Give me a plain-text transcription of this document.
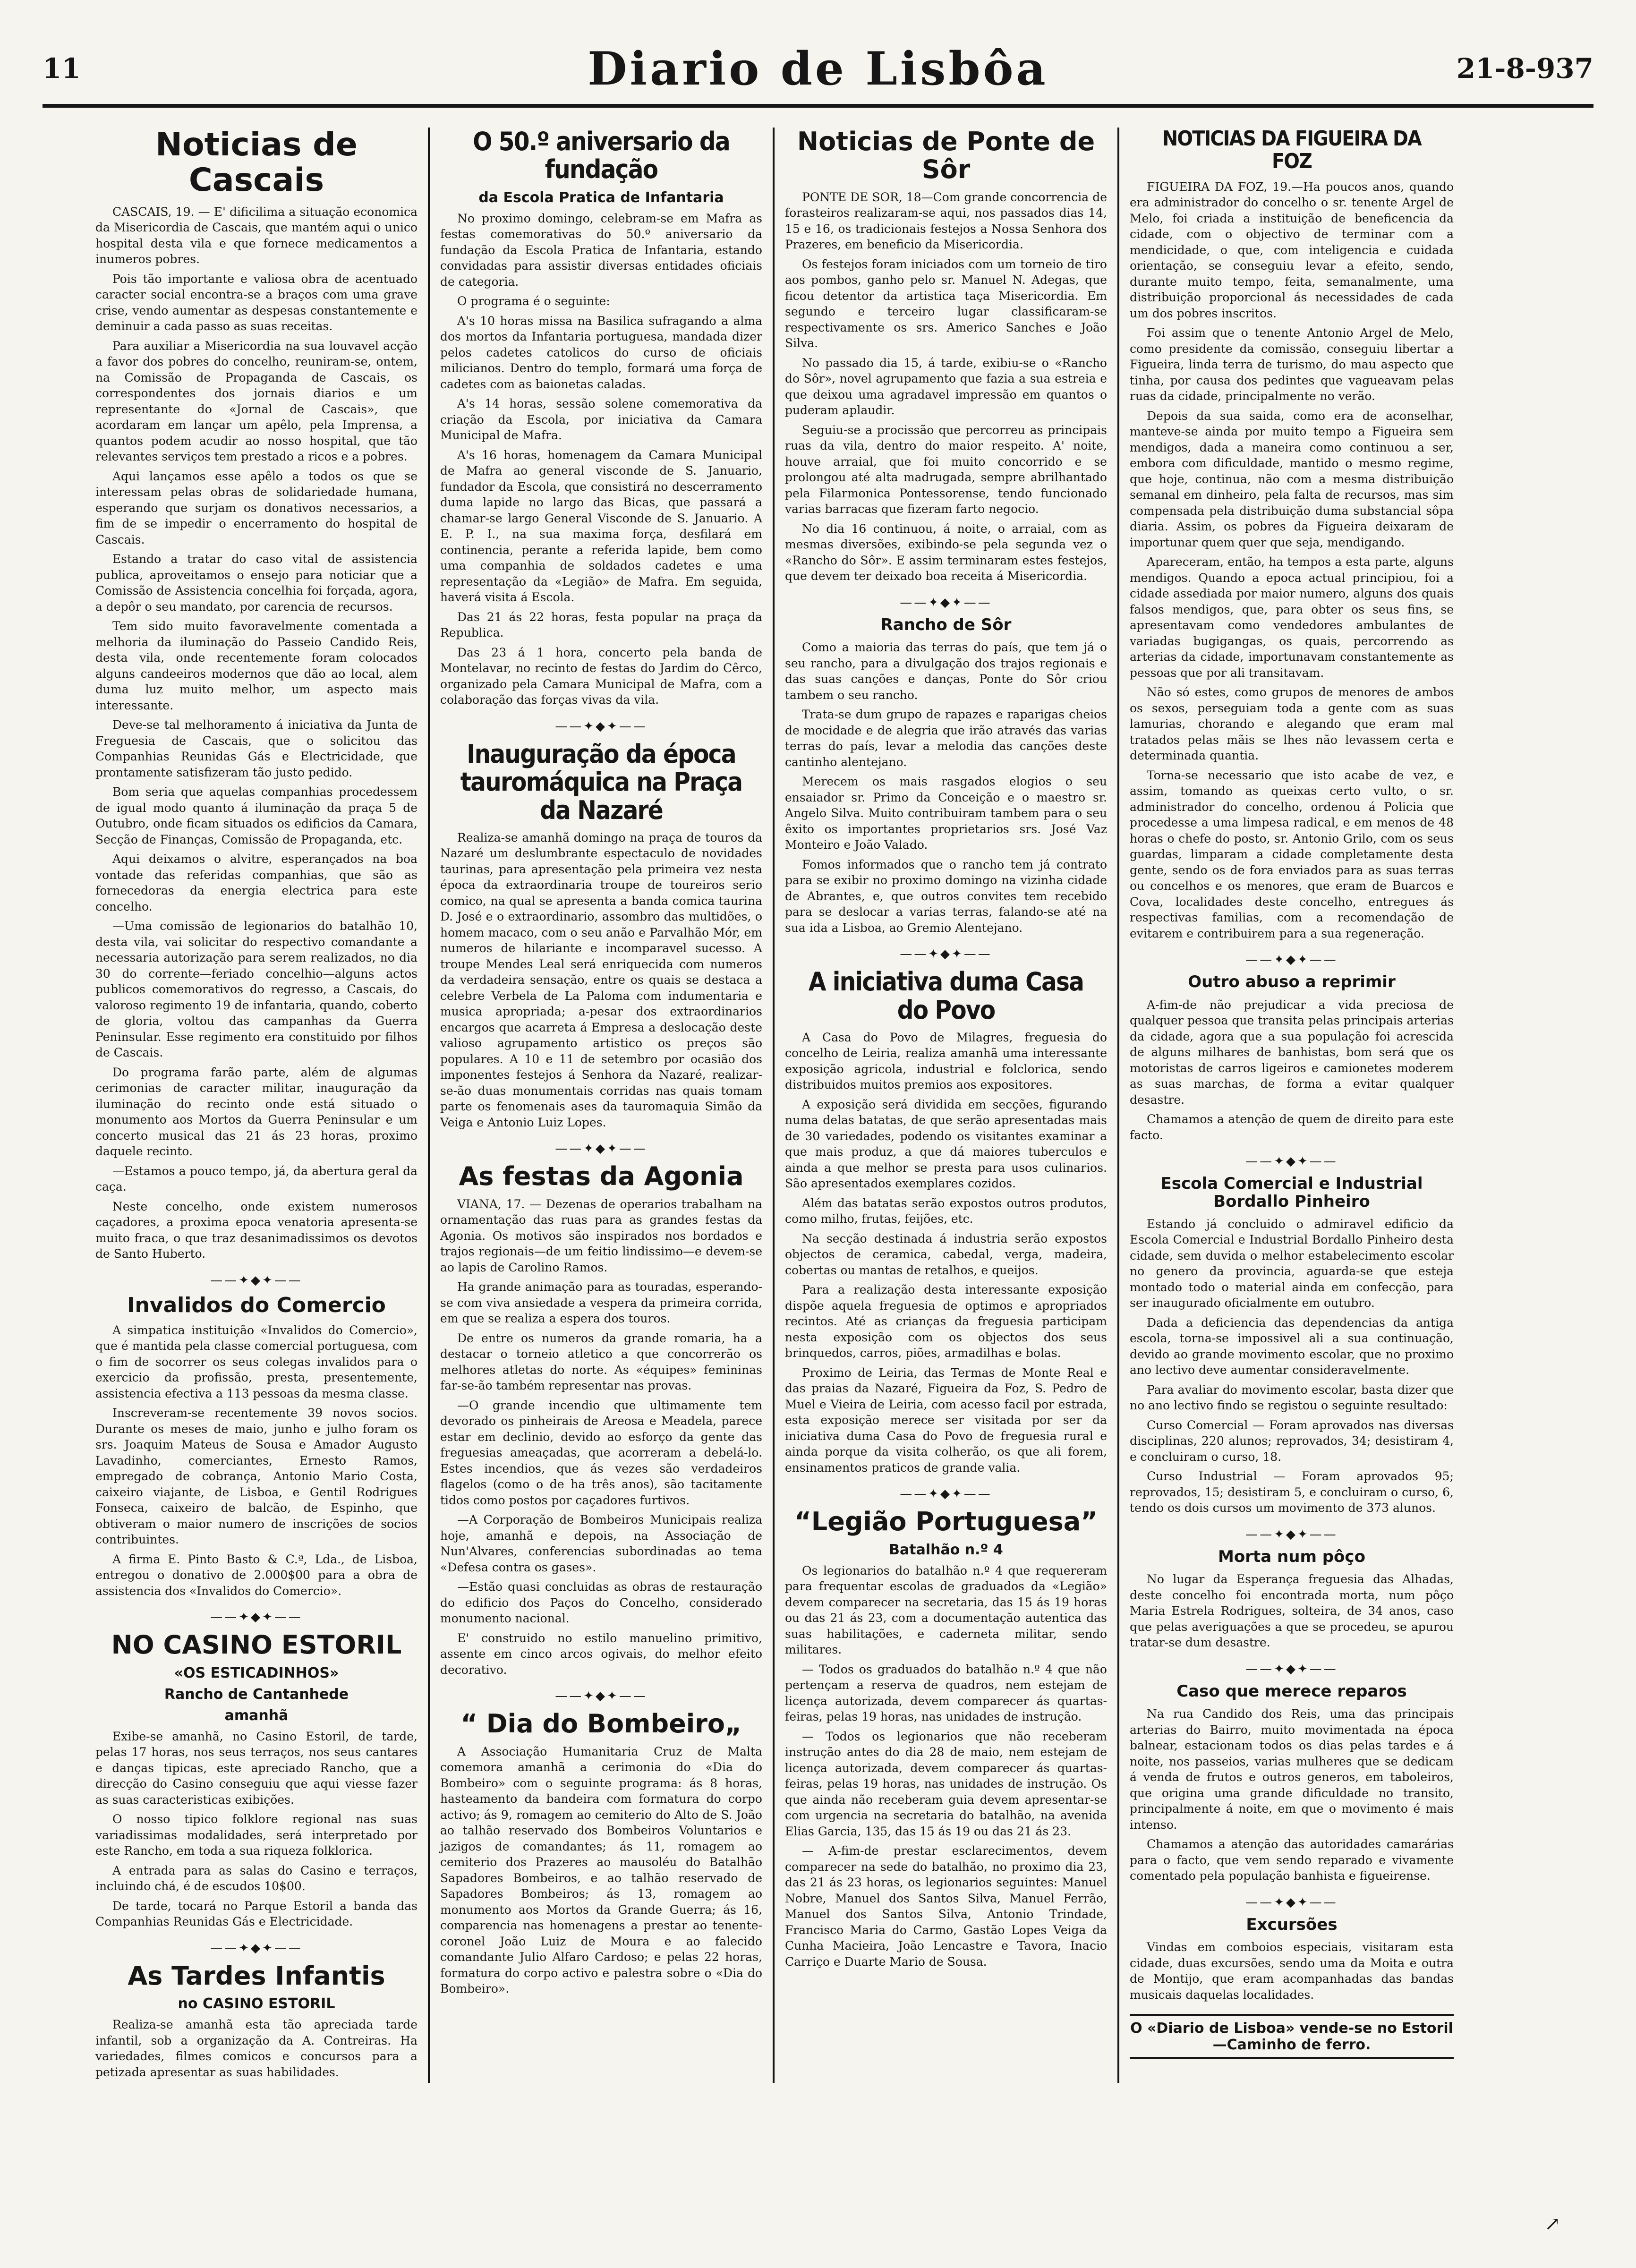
11	Diario de Lisbôa	21-8-937
Noticias de Cascais

CASCAIS, 19. — E' dificilima a situação economica da Misericordia de Cascais, que mantém aqui o unico hospital desta vila e que fornece medicamentos a inumeros pobres.

Pois tão importante e valiosa obra de acentuado caracter social encontra-se a braços com uma grave crise, vendo aumentar as despesas constantemente e deminuir a cada passo as suas receitas.

Para auxiliar a Misericordia na sua louvavel acção a favor dos pobres do concelho, reuniram-se, ontem, na Comissão de Propaganda de Cascais, os correspondentes dos jornais diarios e um representante do «Jornal de Cascais», que acordaram em lançar um apêlo, pela Imprensa, a quantos podem acudir ao nosso hospital, que tão relevantes serviços tem prestado a ricos e a pobres.

Aqui lançamos esse apêlo a todos os que se interessam pelas obras de solidariedade humana, esperando que surjam os donativos necessarios, a fim de se impedir o encerramento do hospital de Cascais.

Estando a tratar do caso vital de assistencia publica, aproveitamos o ensejo para noticiar que a Comissão de Assistencia concelhia foi forçada, agora, a depôr o seu mandato, por carencia de recursos.

Tem sido muito favoravelmente comentada a melhoria da iluminação do Passeio Candido Reis, desta vila, onde recentemente foram colocados alguns candeeiros modernos que dão ao local, alem duma luz muito melhor, um aspecto mais interessante.

Deve-se tal melhoramento á iniciativa da Junta de Freguesia de Cascais, que o solicitou das Companhias Reunidas Gás e Electricidade, que prontamente satisfizeram tão justo pedido.

Bom seria que aquelas companhias procedessem de igual modo quanto á iluminação da praça 5 de Outubro, onde ficam situados os edificios da Camara, Secção de Finanças, Comissão de Propaganda, etc.

Aqui deixamos o alvitre, esperançados na boa vontade das referidas companhias, que são as fornecedoras da energia electrica para este concelho.

—Uma comissão de legionarios do batalhão 10, desta vila, vai solicitar do respectivo comandante a necessaria autorização para serem realizados, no dia 30 do corrente—feriado concelhio—alguns actos publicos comemorativos do regresso, a Cascais, do valoroso regimento 19 de infantaria, quando, coberto de gloria, voltou das campanhas da Guerra Peninsular. Esse regimento era constituido por filhos de Cascais.

Do programa farão parte, além de algumas cerimonias de caracter militar, inauguração da iluminação do recinto onde está situado o monumento aos Mortos da Guerra Peninsular e um concerto musical das 21 ás 23 horas, proximo daquele recinto.

—Estamos a pouco tempo, já, da abertura geral da caça.

Neste concelho, onde existem numerosos caçadores, a proxima epoca venatoria apresenta-se muito fraca, o que traz desanimadissimos os devotos de Santo Huberto.

——✦◆✦——
Invalidos do Comercio

A simpatica instituição «Invalidos do Comercio», que é mantida pela classe comercial portuguesa, com o fim de socorrer os seus colegas invalidos para o exercicio da profissão, presta, presentemente, assistencia efectiva a 113 pessoas da mesma classe.

Inscreveram-se recentemente 39 novos socios. Durante os meses de maio, junho e julho foram os srs. Joaquim Mateus de Sousa e Amador Augusto Lavadinho, comerciantes, Ernesto Ramos, empregado de cobrança, Antonio Mario Costa, caixeiro viajante, de Lisboa, e Gentil Rodrigues Fonseca, caixeiro de balcão, de Espinho, que obtiveram o maior numero de inscrições de socios contribuintes.

A firma E. Pinto Basto & C.ª, Lda., de Lisboa, entregou o donativo de 2.000$00 para a obra de assistencia dos «Invalidos do Comercio».

——✦◆✦——
NO CASINO ESTORIL
«OS ESTICADINHOS»
Rancho de Cantanhede
amanhã

Exibe-se amanhã, no Casino Estoril, de tarde, pelas 17 horas, nos seus terraços, nos seus cantares e danças tipicas, este apreciado Rancho, que a direcção do Casino conseguiu que aqui viesse fazer as suas caracteristicas exibições.

O nosso tipico folklore regional nas suas variadissimas modalidades, será interpretado por este Rancho, em toda a sua riqueza folklorica.

A entrada para as salas do Casino e terraços, incluindo chá, é de escudos 10$00.

De tarde, tocará no Parque Estoril a banda das Companhias Reunidas Gás e Electricidade.

——✦◆✦——
As Tardes Infantis
no CASINO ESTORIL

Realiza-se amanhã esta tão apreciada tarde infantil, sob a organização da A. Contreiras. Ha variedades, filmes comicos e concursos para a petizada apresentar as suas habilidades.

O 50.º aniversario da fundação
da Escola Pratica de Infantaria

No proximo domingo, celebram-se em Mafra as festas comemorativas do 50.º aniversario da fundação da Escola Pratica de Infantaria, estando convidadas para assistir diversas entidades oficiais de categoria.

O programa é o seguinte:

A's 10 horas missa na Basilica sufragando a alma dos mortos da Infantaria portuguesa, mandada dizer pelos cadetes catolicos do curso de oficiais milicianos. Dentro do templo, formará uma força de cadetes com as baionetas caladas.

A's 14 horas, sessão solene comemorativa da criação da Escola, por iniciativa da Camara Municipal de Mafra.

A's 16 horas, homenagem da Camara Municipal de Mafra ao general visconde de S. Januario, fundador da Escola, que consistirá no descerramento duma lapide no largo das Bicas, que passará a chamar-se largo General Visconde de S. Januario. A E. P. I., na sua maxima força, desfilará em continencia, perante a referida lapide, bem como uma companhia de soldados cadetes e uma representação da «Legião» de Mafra. Em seguida, haverá visita á Escola.

Das 21 ás 22 horas, festa popular na praça da Republica.

Das 23 á 1 hora, concerto pela banda de Montelavar, no recinto de festas do Jardim do Cêrco, organizado pela Camara Municipal de Mafra, com a colaboração das forças vivas da vila.

——✦◆✦——
Inauguração da época tauromáquica na Praça da Nazaré

Realiza-se amanhã domingo na praça de touros da Nazaré um deslumbrante espectaculo de novidades taurinas, para apresentação pela primeira vez nesta época da extraordinaria troupe de toureiros serio comico, na qual se apresenta a banda comica taurina D. José e o extraordinario, assombro das multidões, o homem macaco, com o seu anão e Parvalhão Mór, em numeros de hilariante e incomparavel sucesso. A troupe Mendes Leal será enriquecida com numeros da verdadeira sensação, entre os quais se destaca a celebre Verbela de La Paloma com indumentaria e musica apropriada; a-pesar dos extraordinarios encargos que acarreta á Empresa a deslocação deste valioso agrupamento artistico os preços são populares. A 10 e 11 de setembro por ocasião dos imponentes festejos á Senhora da Nazaré, realizar-se-ão duas monumentais corridas nas quais tomam parte os fenomenais ases da tauromaquia Simão da Veiga e Antonio Luiz Lopes.

——✦◆✦——
As festas da Agonia

VIANA, 17. — Dezenas de operarios trabalham na ornamentação das ruas para as grandes festas da Agonia. Os motivos são inspirados nos bordados e trajos regionais—de um feitio lindissimo—e devem-se ao lapis de Carolino Ramos.

Ha grande animação para as touradas, esperando-se com viva ansiedade a vespera da primeira corrida, em que se realiza a espera dos touros.

De entre os numeros da grande romaria, ha a destacar o torneio atletico a que concorrerão os melhores atletas do norte. As «équipes» femininas far-se-ão também representar nas provas.

—O grande incendio que ultimamente tem devorado os pinheirais de Areosa e Meadela, parece estar em declinio, devido ao esforço da gente das freguesias ameaçadas, que acorreram a debelá-lo. Estes incendios, que ás vezes são verdadeiros flagelos (como o de ha três anos), são tacitamente tidos como postos por caçadores furtivos.

—A Corporação de Bombeiros Municipais realiza hoje, amanhã e depois, na Associação de Nun'Alvares, conferencias subordinadas ao tema «Defesa contra os gases».

—Estão quasi concluidas as obras de restauração do edificio dos Paços do Concelho, considerado monumento nacional.

E' construido no estilo manuelino primitivo, assente em cinco arcos ogivais, do melhor efeito decorativo.

——✦◆✦——
“ Dia do Bombeiro„

A Associação Humanitaria Cruz de Malta comemora amanhã a cerimonia do «Dia do Bombeiro» com o seguinte programa: ás 8 horas, hasteamento da bandeira com formatura do corpo activo; ás 9, romagem ao cemiterio do Alto de S. João ao talhão reservado dos Bombeiros Voluntarios e jazigos de comandantes; ás 11, romagem ao cemiterio dos Prazeres ao mausoléu do Batalhão Sapadores Bombeiros, e ao talhão reservado de Sapadores Bombeiros; ás 13, romagem ao monumento aos Mortos da Grande Guerra; ás 16, comparencia nas homenagens a prestar ao tenente-coronel João Luiz de Moura e ao falecido comandante Julio Alfaro Cardoso; e pelas 22 horas, formatura do corpo activo e palestra sobre o «Dia do Bombeiro».

Noticias de Ponte de Sôr

PONTE DE SOR, 18—Com grande concorrencia de forasteiros realizaram-se aqui, nos passados dias 14, 15 e 16, os tradicionais festejos a Nossa Senhora dos Prazeres, em beneficio da Misericordia.

Os festejos foram iniciados com um torneio de tiro aos pombos, ganho pelo sr. Manuel N. Adegas, que ficou detentor da artistica taça Misericordia. Em segundo e terceiro lugar classificaram-se respectivamente os srs. Americo Sanches e João Silva.

No passado dia 15, á tarde, exibiu-se o «Rancho do Sôr», novel agrupamento que fazia a sua estreia e que deixou uma agradavel impressão em quantos o puderam aplaudir.

Seguiu-se a procissão que percorreu as principais ruas da vila, dentro do maior respeito. A' noite, houve arraial, que foi muito concorrido e se prolongou até alta madrugada, sempre abrilhantado pela Filarmonica Pontessorense, tendo funcionado varias barracas que fizeram farto negocio.

No dia 16 continuou, á noite, o arraial, com as mesmas diversões, exibindo-se pela segunda vez o «Rancho do Sôr». E assim terminaram estes festejos, que devem ter deixado boa receita á Misericordia.

——✦◆✦——
Rancho de Sôr

Como a maioria das terras do país, que tem já o seu rancho, para a divulgação dos trajos regionais e das suas canções e danças, Ponte do Sôr criou tambem o seu rancho.

Trata-se dum grupo de rapazes e raparigas cheios de mocidade e de alegria que irão através das varias terras do país, levar a melodia das canções deste cantinho alentejano.

Merecem os mais rasgados elogios o seu ensaiador sr. Primo da Conceição e o maestro sr. Angelo Silva. Muito contribuiram tambem para o seu êxito os importantes proprietarios srs. José Vaz Monteiro e João Valado.

Fomos informados que o rancho tem já contrato para se exibir no proximo domingo na vizinha cidade de Abrantes, e, que outros convites tem recebido para se deslocar a varias terras, falando-se até na sua ida a Lisboa, ao Gremio Alentejano.

——✦◆✦——
A iniciativa duma Casa do Povo

A Casa do Povo de Milagres, freguesia do concelho de Leiria, realiza amanhã uma interessante exposição agricola, industrial e folclorica, sendo distribuidos muitos premios aos expositores.

A exposição será dividida em secções, figurando numa delas batatas, de que serão apresentadas mais de 30 variedades, podendo os visitantes examinar a que mais produz, a que dá maiores tuberculos e ainda a que melhor se presta para usos culinarios. São apresentados exemplares cozidos.

Além das batatas serão expostos outros produtos, como milho, frutas, feijões, etc.

Na secção destinada á industria serão expostos objectos de ceramica, cabedal, verga, madeira, cobertas ou mantas de retalhos, e queijos.

Para a realização desta interessante exposição dispõe aquela freguesia de optimos e apropriados recintos. Até as crianças da freguesia participam nesta exposição com os objectos dos seus brinquedos, carros, piões, armadilhas e bolas.

Proximo de Leiria, das Termas de Monte Real e das praias da Nazaré, Figueira da Foz, S. Pedro de Muel e Vieira de Leiria, com acesso facil por estrada, esta exposição merece ser visitada por ser da iniciativa duma Casa do Povo de freguesia rural e ainda porque da visita colherão, os que ali forem, ensinamentos praticos de grande valia.

——✦◆✦——
“Legião Portuguesa”
Batalhão n.º 4

Os legionarios do batalhão n.º 4 que requereram para frequentar escolas de graduados da «Legião» devem comparecer na secretaria, das 15 ás 19 horas ou das 21 ás 23, com a documentação autentica das suas habilitações, e caderneta militar, sendo militares.

— Todos os graduados do batalhão n.º 4 que não pertençam a reserva de quadros, nem estejam de licença autorizada, devem comparecer ás quartas-feiras, pelas 19 horas, nas unidades de instrução.

— Todos os legionarios que não receberam instrução antes do dia 28 de maio, nem estejam de licença autorizada, devem comparecer ás quartas-feiras, pelas 19 horas, nas unidades de instrução. Os que ainda não receberam guia devem apresentar-se com urgencia na secretaria do batalhão, na avenida Elias Garcia, 135, das 15 ás 19 ou das 21 ás 23.

— A-fim-de prestar esclarecimentos, devem comparecer na sede do batalhão, no proximo dia 23, das 21 ás 23 horas, os legionarios seguintes: Manuel Nobre, Manuel dos Santos Silva, Manuel Ferrão, Manuel dos Santos Silva, Antonio Trindade, Francisco Maria do Carmo, Gastão Lopes Veiga da Cunha Macieira, João Lencastre e Tavora, Inacio Carriço e Duarte Mario de Sousa.

NOTICIAS DA FIGUEIRA DA FOZ

FIGUEIRA DA FOZ, 19.—Ha poucos anos, quando era administrador do concelho o sr. tenente Argel de Melo, foi criada a instituição de beneficencia da cidade, com o objectivo de terminar com a mendicidade, o que, com inteligencia e cuidada orientação, se conseguiu levar a efeito, sendo, durante muito tempo, feita, semanalmente, uma distribuição proporcional ás necessidades de cada um dos pobres inscritos.

Foi assim que o tenente Antonio Argel de Melo, como presidente da comissão, conseguiu libertar a Figueira, linda terra de turismo, do mau aspecto que tinha, por causa dos pedintes que vagueavam pelas ruas da cidade, principalmente no verão.

Depois da sua saida, como era de aconselhar, manteve-se ainda por muito tempo a Figueira sem mendigos, dada a maneira como continuou a ser, embora com dificuldade, mantido o mesmo regime, que hoje, continua, não com a mesma distribuição semanal em dinheiro, pela falta de recursos, mas sim compensada pela distribuição duma substancial sôpa diaria. Assim, os pobres da Figueira deixaram de importunar quem quer que seja, mendigando.

Apareceram, então, ha tempos a esta parte, alguns mendigos. Quando a epoca actual principiou, foi a cidade assediada por maior numero, alguns dos quais falsos mendigos, que, para obter os seus fins, se apresentavam como vendedores ambulantes de variadas bugigangas, os quais, percorrendo as arterias da cidade, importunavam constantemente as pessoas que por ali transitavam.

Não só estes, como grupos de menores de ambos os sexos, perseguiam toda a gente com as suas lamurias, chorando e alegando que eram mal tratados pelas mãis se lhes não levassem certa e determinada quantia.

Torna-se necessario que isto acabe de vez, e assim, tomando as queixas certo vulto, o sr. administrador do concelho, ordenou á Policia que procedesse a uma limpesa radical, e em menos de 48 horas o chefe do posto, sr. Antonio Grilo, com os seus guardas, limparam a cidade completamente desta gente, sendo os de fora enviados para as suas terras ou concelhos e os menores, que eram de Buarcos e Cova, localidades deste concelho, entregues ás respectivas familias, com a recomendação de evitarem e contribuirem para a sua regeneração.

——✦◆✦——
Outro abuso a reprimir

A-fim-de não prejudicar a vida preciosa de qualquer pessoa que transita pelas principais arterias da cidade, agora que a sua população foi acrescida de alguns milhares de banhistas, bom será que os motoristas de carros ligeiros e camionetes moderem as suas marchas, de forma a evitar qualquer desastre.

Chamamos a atenção de quem de direito para este facto.

——✦◆✦——
Escola Comercial e Industrial Bordallo Pinheiro

Estando já concluido o admiravel edificio da Escola Comercial e Industrial Bordallo Pinheiro desta cidade, sem duvida o melhor estabelecimento escolar no genero da provincia, aguarda-se que esteja montado todo o material ainda em confecção, para ser inaugurado oficialmente em outubro.

Dada a deficiencia das dependencias da antiga escola, torna-se impossivel ali a sua continuação, devido ao grande movimento escolar, que no proximo ano lectivo deve aumentar consideravelmente.

Para avaliar do movimento escolar, basta dizer que no ano lectivo findo se registou o seguinte resultado:

Curso Comercial — Foram aprovados nas diversas disciplinas, 220 alunos; reprovados, 34; desistiram 4, e concluiram o curso, 18.

Curso Industrial — Foram aprovados 95; reprovados, 15; desistiram 5, e concluiram o curso, 6, tendo os dois cursos um movimento de 373 alunos.

——✦◆✦——
Morta num pôço

No lugar da Esperança freguesia das Alhadas, deste concelho foi encontrada morta, num pôço Maria Estrela Rodrigues, solteira, de 34 anos, caso que pelas averiguações a que se procedeu, se apurou tratar-se dum desastre.

——✦◆✦——
Caso que merece reparos

Na rua Candido dos Reis, uma das principais arterias do Bairro, muito movimentada na época balnear, estacionam todos os dias pelas tardes e á noite, nos passeios, varias mulheres que se dedicam á venda de frutos e outros generos, em taboleiros, que origina uma grande dificuldade no transito, principalmente á noite, em que o movimento é mais intenso.

Chamamos a atenção das autoridades camarárias para o facto, que vem sendo reparado e vivamente comentado pela população banhista e figueirense.

——✦◆✦——
Excursões

Vindas em comboios especiais, visitaram esta cidade, duas excursões, sendo uma da Moita e outra de Montijo, que eram acompanhadas das bandas musicais daquelas localidades.

O «Diario de Lisboa» vende-se no Estoril—Caminho de ferro.
↗
